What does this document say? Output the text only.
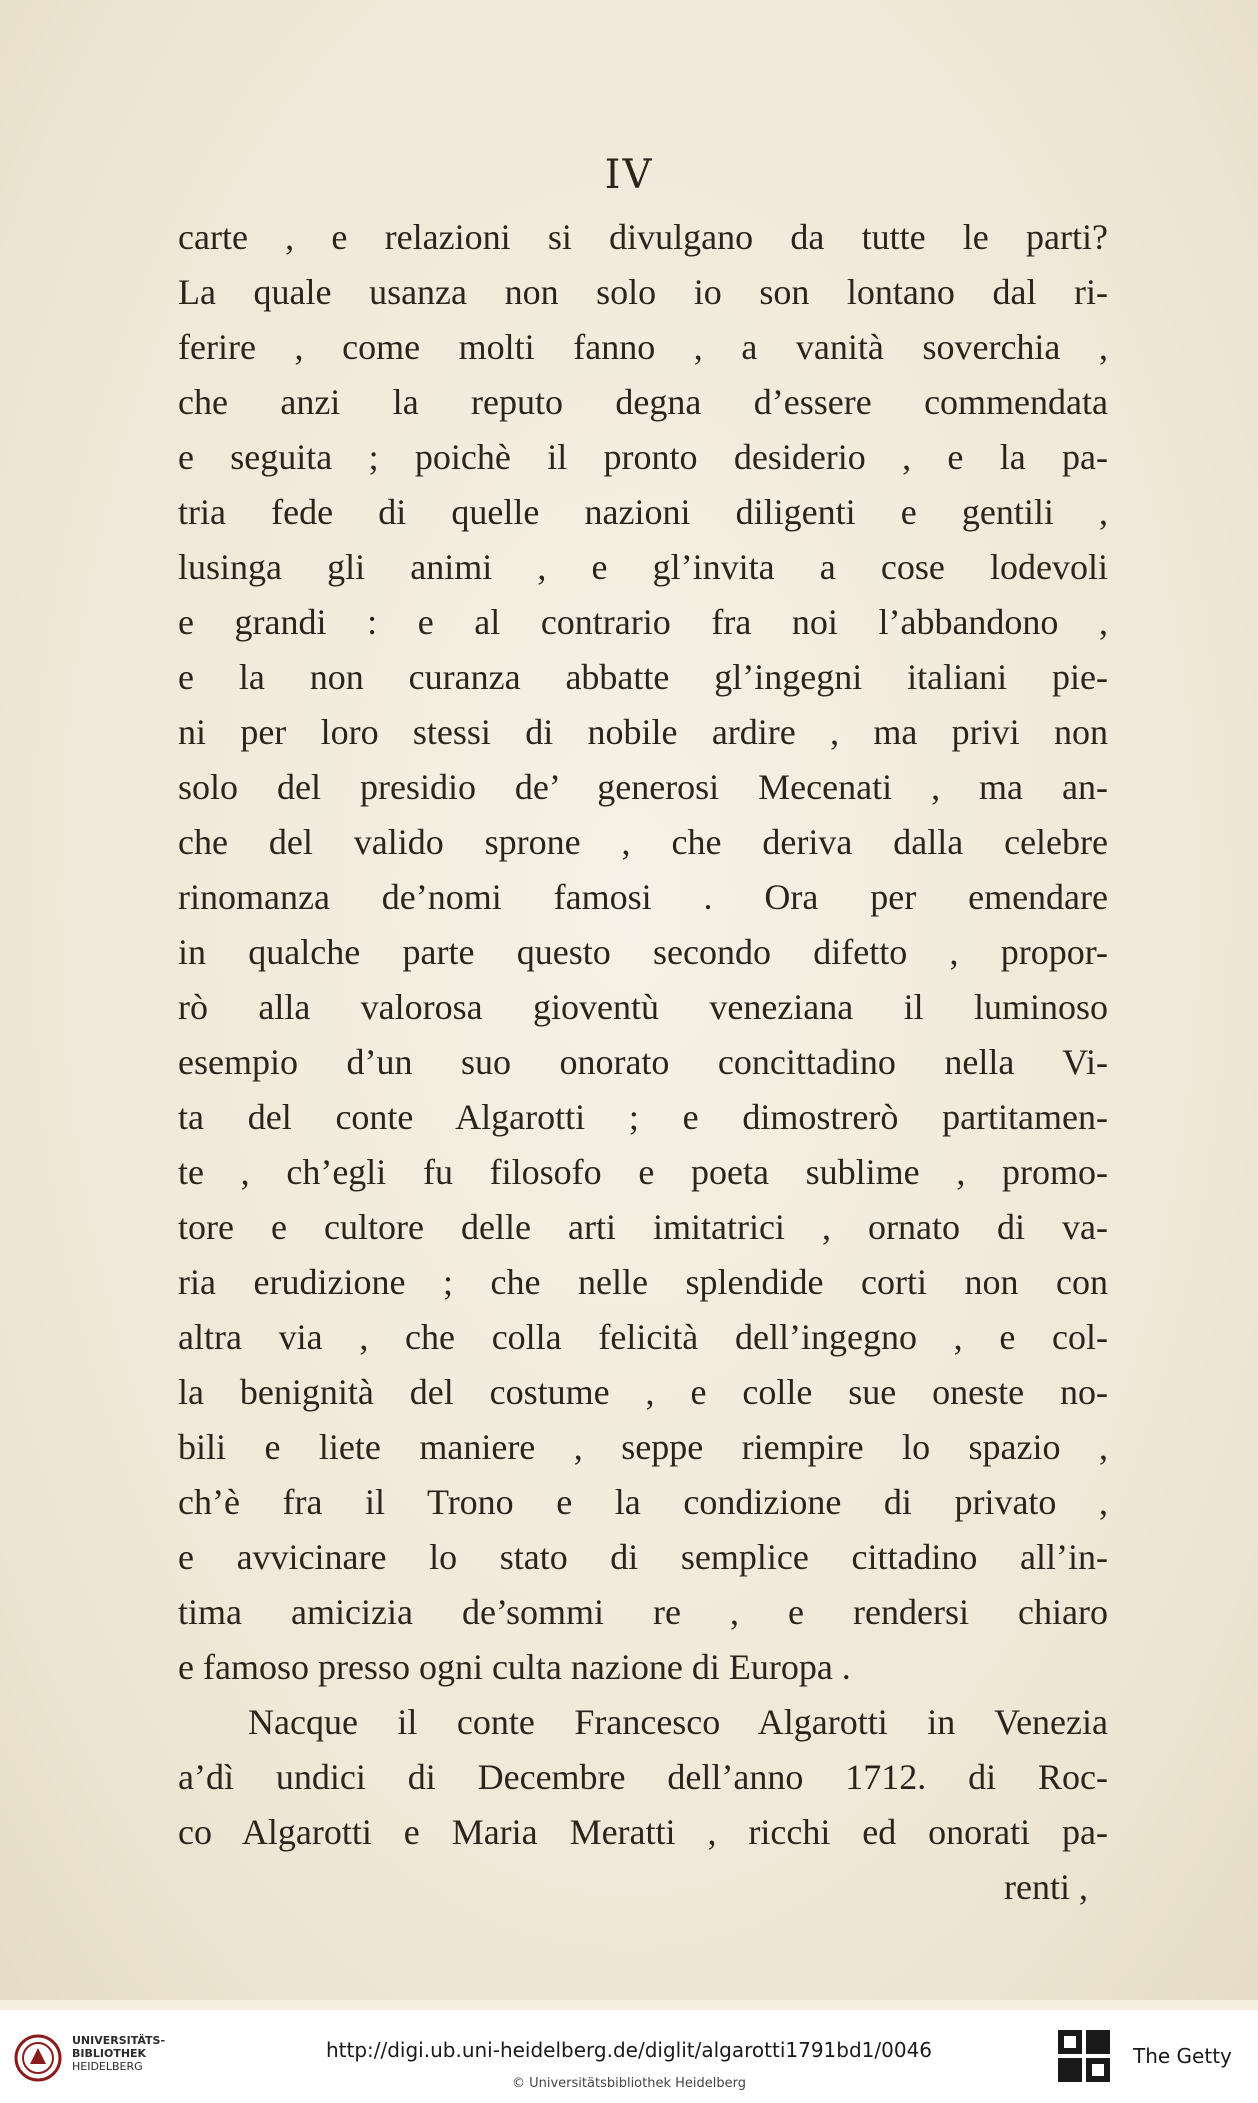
IV
carte , e relazioni si divulgano da tutte le parti?
La quale usanza non solo io son lontano dal ri-
ferire , come molti fanno , a vanità soverchia ,
che anzi la reputo degna d’essere commendata
e seguita ; poichè il pronto desiderio , e la pa-
tria fede di quelle nazioni diligenti e gentili ,
lusinga gli animi , e gl’invita a cose lodevoli
e grandi : e al contrario fra noi l’abbandono ,
e la non curanza abbatte gl’ingegni italiani pie-
ni per loro stessi di nobile ardire , ma privi non
solo del presidio de’ generosi Mecenati , ma an-
che del valido sprone , che deriva dalla celebre
rinomanza de’nomi famosi . Ora per emendare
in qualche parte questo secondo difetto , propor-
rò alla valorosa gioventù veneziana il luminoso
esempio d’un suo onorato concittadino nella Vi-
ta del conte Algarotti ; e dimostrerò partitamen-
te , ch’egli fu filosofo e poeta sublime , promo-
tore e cultore delle arti imitatrici , ornato di va-
ria erudizione ; che nelle splendide corti non con
altra via , che colla felicità dell’ingegno , e col-
la benignità del costume , e colle sue oneste no-
bili e liete maniere , seppe riempire lo spazio ,
ch’è fra il Trono e la condizione di privato ,
e avvicinare lo stato di semplice cittadino all’in-
tima amicizia de’sommi re , e rendersi chiaro
e famoso presso ogni culta nazione di Europa .
Nacque il conte Francesco Algarotti in Venezia
a’dì undici di Decembre dell’anno 1712. di Roc-
co Algarotti e Maria Meratti , ricchi ed onorati pa-
renti ,
UNIVERSITÄTS-
BIBLIOTHEK
HEIDELBERG
http://digi.ub.uni-heidelberg.de/diglit/algarotti1791bd1/0046
© Universitätsbibliothek Heidelberg
The Getty
